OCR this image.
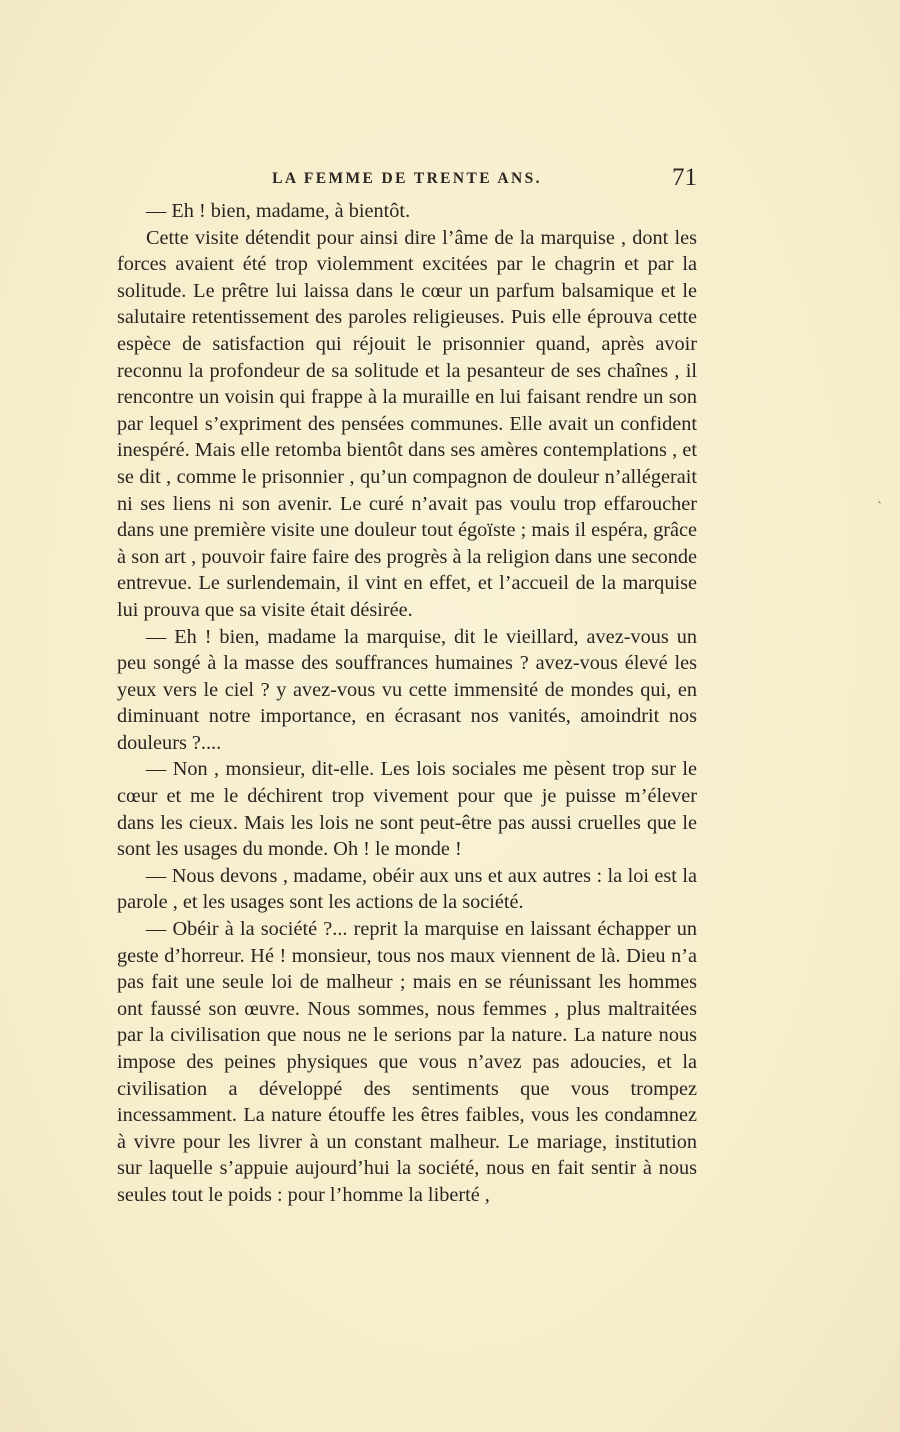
LA FEMME DE TRENTE ANS.	71

— Eh ! bien, madame, à bientôt.

Cette visite détendit pour ainsi dire l’âme de la marquise , dont les forces avaient été trop violemment excitées par le chagrin et par la solitude. Le prêtre lui laissa dans le cœur un parfum balsamique et le salutaire retentissement des paroles religieuses. Puis elle éprouva cette espèce de satisfaction qui réjouit le prisonnier quand, après avoir reconnu la profondeur de sa solitude et la pesanteur de ses chaînes , il rencontre un voisin qui frappe à la muraille en lui faisant rendre un son par lequel s’expriment des pensées communes. Elle avait un confident inespéré. Mais elle retomba bientôt dans ses amères contemplations , et se dit , comme le prisonnier , qu’un compagnon de douleur n’allégerait ni ses liens ni son avenir. Le curé n’avait pas voulu trop effaroucher dans une première visite une douleur tout égoïste ; mais il espéra, grâce à son art , pouvoir faire faire des progrès à la religion dans une seconde entrevue. Le surlendemain, il vint en effet, et l’accueil de la marquise lui prouva que sa visite était désirée.

— Eh ! bien, madame la marquise, dit le vieillard, avez-vous un peu songé à la masse des souffrances humaines ? avez-vous élevé les yeux vers le ciel ? y avez-vous vu cette immensité de mondes qui, en diminuant notre importance, en écrasant nos vanités, amoindrit nos douleurs ?....

— Non , monsieur, dit-elle. Les lois sociales me pèsent trop sur le cœur et me le déchirent trop vivement pour que je puisse m’élever dans les cieux. Mais les lois ne sont peut-être pas aussi cruelles que le sont les usages du monde. Oh ! le monde !

— Nous devons , madame, obéir aux uns et aux autres : la loi est la parole , et les usages sont les actions de la société.

— Obéir à la société ?... reprit la marquise en laissant échapper un geste d’horreur. Hé ! monsieur, tous nos maux viennent de là. Dieu n’a pas fait une seule loi de malheur ; mais en se réunissant les hommes ont faussé son œuvre. Nous sommes, nous femmes , plus maltraitées par la civilisation que nous ne le serions par la nature. La nature nous impose des peines physiques que vous n’avez pas adoucies, et la civilisation a développé des sentiments que vous trompez incessamment. La nature étouffe les êtres faibles, vous les condamnez à vivre pour les livrer à un constant malheur. Le mariage, institution sur laquelle s’appuie aujourd’hui la société, nous en fait sentir à nous seules tout le poids : pour l’homme la liberté ,

`
